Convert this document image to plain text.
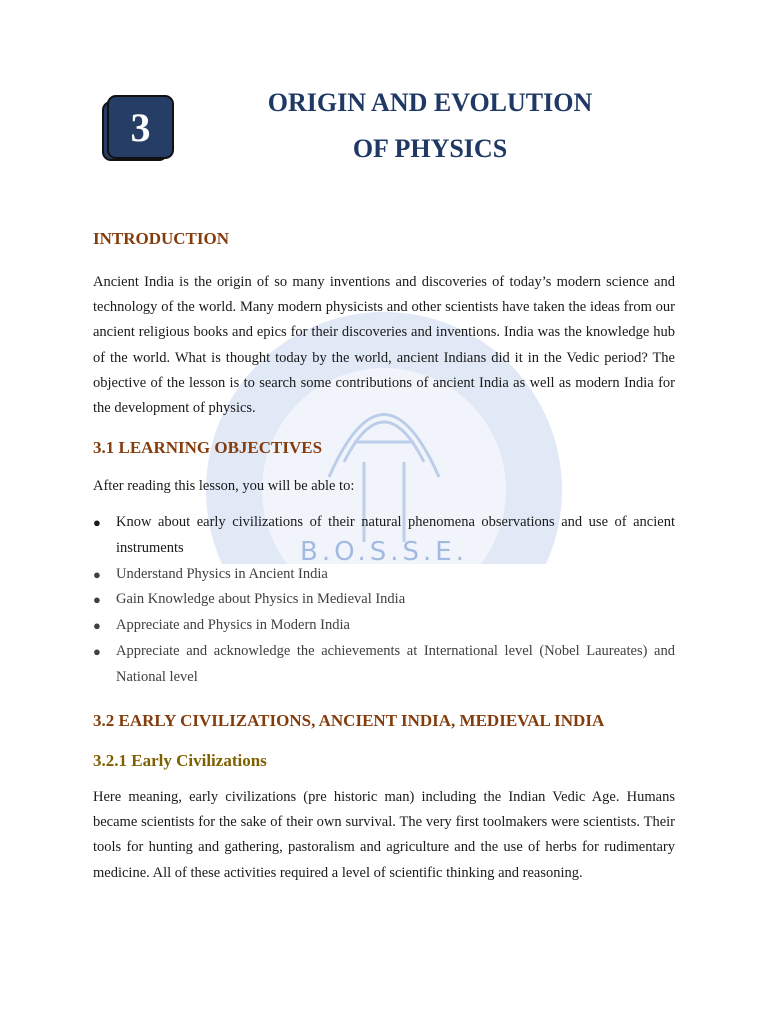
B.O.S.S.E.
3
ORIGIN AND EVOLUTION
OF PHYSICS
INTRODUCTION

Ancient India is the origin of so many inventions and discoveries of today’s modern science and technology of the world. Many modern physicists and other scientists have taken the ideas from our ancient religious books and epics for their discoveries and inventions. India was the knowledge hub of the world. What is thought today by the world, ancient Indians did it in the Vedic period? The objective of the lesson is to search some contributions of ancient India as well as modern India for the development of physics.

3.1 LEARNING OBJECTIVES

After reading this lesson, you will be able to:

● Know about early civilizations of their natural phenomena observations and use of ancient instruments
● Understand Physics in Ancient India
● Gain Knowledge about Physics in Medieval India
● Appreciate and Physics in Modern India
● Appreciate and acknowledge the achievements at International level (Nobel Laureates) and National level
3.2 EARLY CIVILIZATIONS, ANCIENT INDIA, MEDIEVAL INDIA
3.2.1 Early Civilizations

Here meaning, early civilizations (pre historic man) including the Indian Vedic Age. Humans became scientists for the sake of their own survival. The very first toolmakers were scientists. Their tools for hunting and gathering, pastoralism and agriculture and the use of herbs for rudimentary medicine. All of these activities required a level of scientific thinking and reasoning.
